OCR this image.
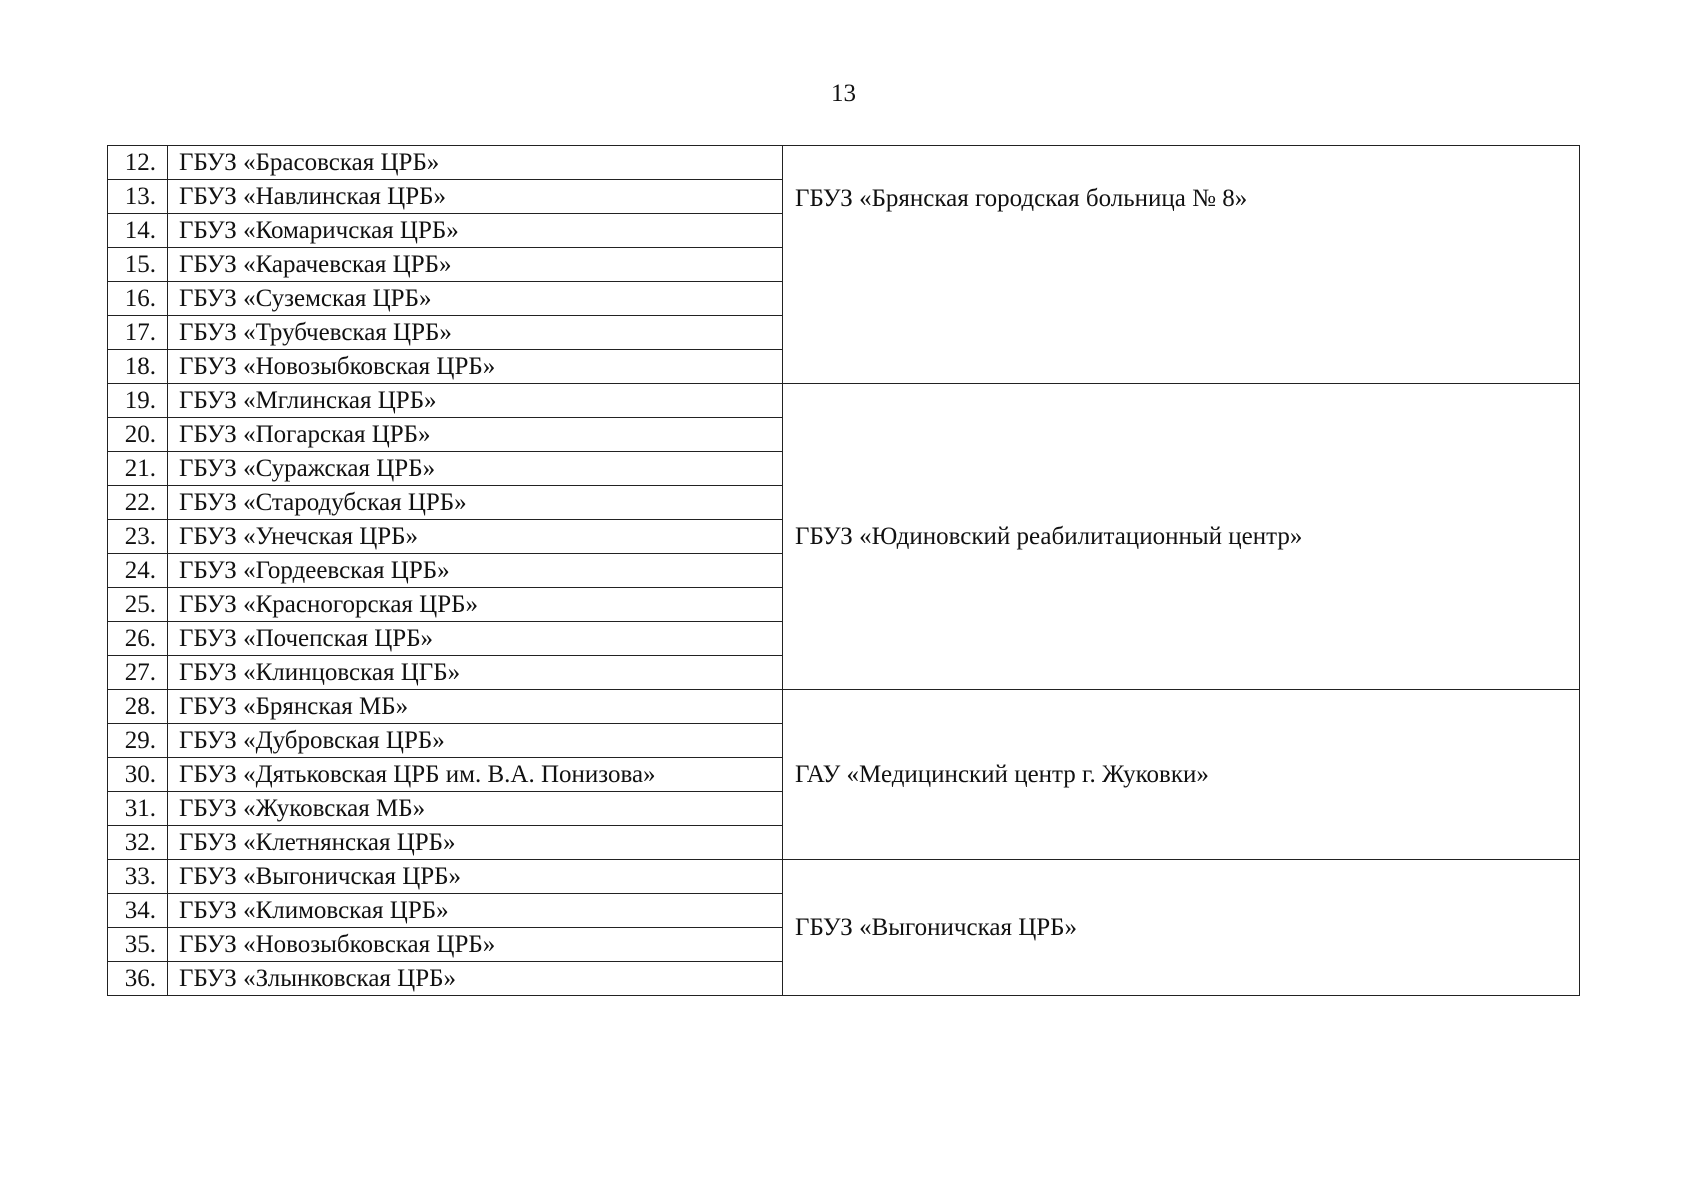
13
12.	ГБУЗ «Брасовская ЦРБ»	ГБУЗ «Брянская городская больница № 8»
13.	ГБУЗ «Навлинская ЦРБ»	
14.	ГБУЗ «Комаричская ЦРБ»	
15.	ГБУЗ «Карачевская ЦРБ»	
16.	ГБУЗ «Суземская ЦРБ»	
17.	ГБУЗ «Трубчевская ЦРБ»	
18.	ГБУЗ «Новозыбковская ЦРБ»	
19.	ГБУЗ «Мглинская ЦРБ»	ГБУЗ «Юдиновский реабилитационный центр»
20.	ГБУЗ «Погарская ЦРБ»	
21.	ГБУЗ «Суражская ЦРБ»	
22.	ГБУЗ «Стародубская ЦРБ»	
23.	ГБУЗ «Унечская ЦРБ»	
24.	ГБУЗ «Гордеевская ЦРБ»	
25.	ГБУЗ «Красногорская ЦРБ»	
26.	ГБУЗ «Почепская ЦРБ»	
27.	ГБУЗ «Клинцовская ЦГБ»	
28.	ГБУЗ «Брянская МБ»	ГАУ «Медицинский центр г. Жуковки»
29.	ГБУЗ «Дубровская ЦРБ»	
30.	ГБУЗ «Дятьковская ЦРБ им. В.А. Понизова»	
31.	ГБУЗ «Жуковская МБ»	
32.	ГБУЗ «Клетнянская ЦРБ»	
33.	ГБУЗ «Выгоничская ЦРБ»	ГБУЗ «Выгоничская ЦРБ»
34.	ГБУЗ «Климовская ЦРБ»	
35.	ГБУЗ «Новозыбковская ЦРБ»	
36.	ГБУЗ «Злынковская ЦРБ»	
